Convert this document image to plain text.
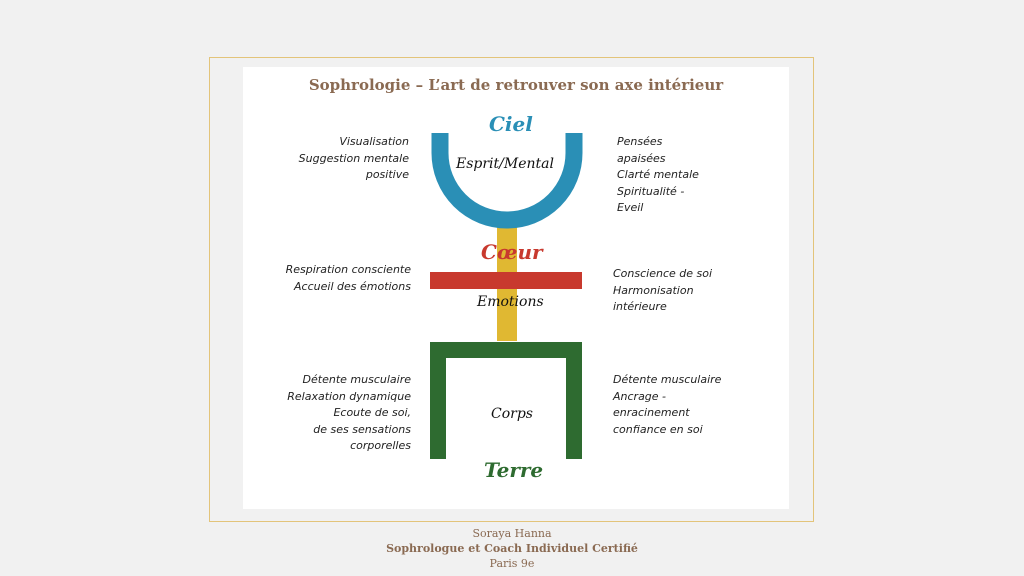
Sophrologie – L’art de retrouver son axe intérieur
Ciel
Esprit/Mental
Cœur
Emotions
Corps
Terre
Visualisation
Suggestion mentale
positive
Respiration consciente
Accueil des émotions
Détente musculaire
Relaxation dynamique
Ecoute de soi,
de ses sensations
corporelles
Pensées
apaisées
Clarté mentale
Spiritualité -
Eveil
Conscience de soi
Harmonisation
intérieure
Détente musculaire
Ancrage -
enracinement
confiance en soi
Soraya Hanna
Sophrologue et Coach Individuel Certifié
Paris 9e
